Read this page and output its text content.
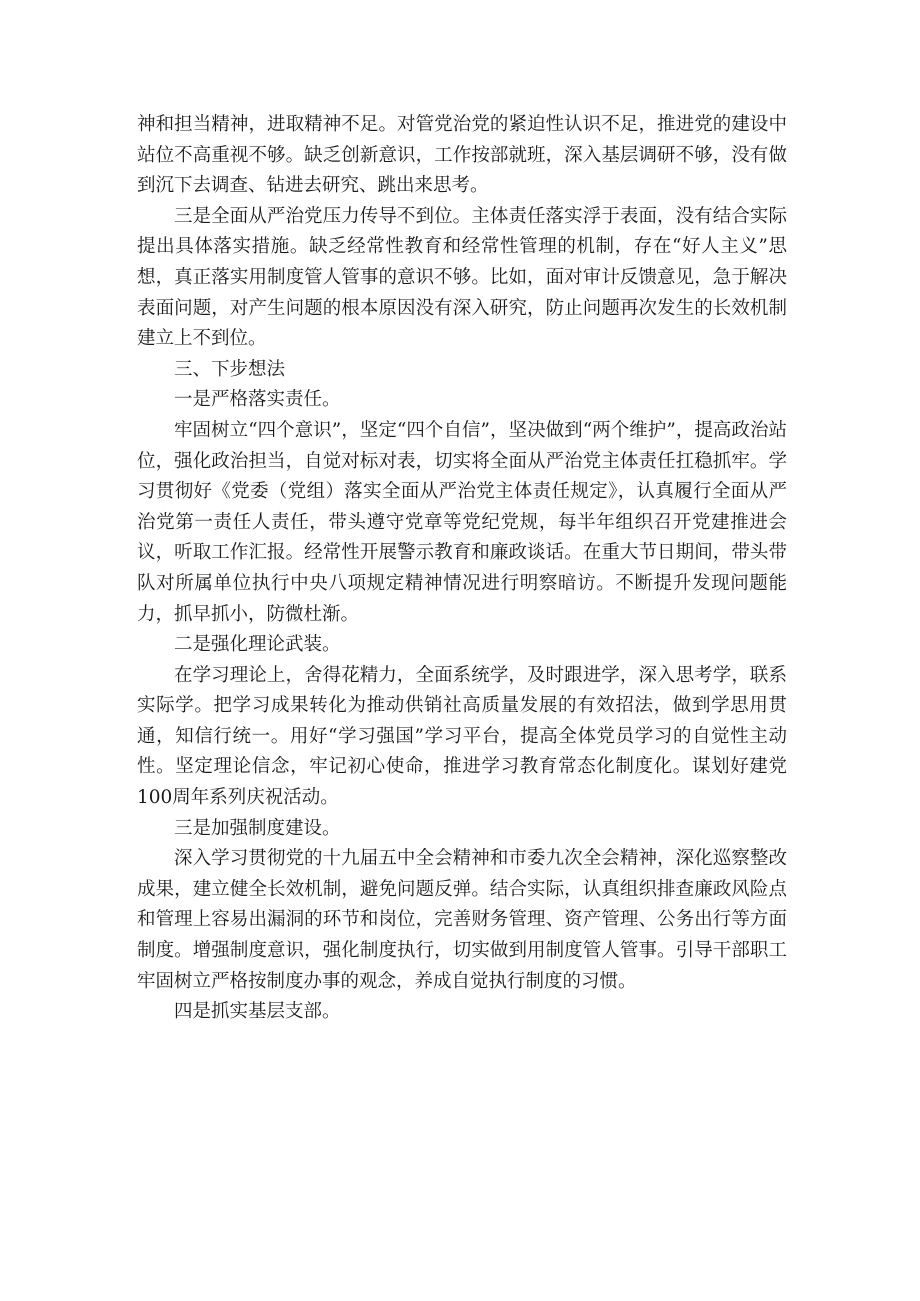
神和担当精神，进取精神不足。对管党治党的紧迫性认识不足，推进党的建设中站位不高重视不够。缺乏创新意识，工作按部就班，深入基层调研不够，没有做到沉下去调查、钻进去研究、跳出来思考。

三是全面从严治党压力传导不到位。主体责任落实浮于表面，没有结合实际提出具体落实措施。缺乏经常性教育和经常性管理的机制，存在“好人主义”思想，真正落实用制度管人管事的意识不够。比如，面对审计反馈意见，急于解决表面问题，对产生问题的根本原因没有深入研究，防止问题再次发生的长效机制建立上不到位。

三、下步想法

一是严格落实责任。

牢固树立“四个意识”，坚定“四个自信”，坚决做到“两个维护”，提高政治站位，强化政治担当，自觉对标对表，切实将全面从严治党主体责任扛稳抓牢。学习贯彻好《党委（党组）落实全面从严治党主体责任规定》，认真履行全面从严治党第一责任人责任，带头遵守党章等党纪党规，每半年组织召开党建推进会议，听取工作汇报。经常性开展警示教育和廉政谈话。在重大节日期间，带头带队对所属单位执行中央八项规定精神情况进行明察暗访。不断提升发现问题能力，抓早抓小，防微杜渐。

二是强化理论武装。

在学习理论上，舍得花精力，全面系统学，及时跟进学，深入思考学，联系实际学。把学习成果转化为推动供销社高质量发展的有效招法，做到学思用贯通，知信行统一。用好“学习强国”学习平台，提高全体党员学习的自觉性主动性。坚定理论信念，牢记初心使命，推进学习教育常态化制度化。谋划好建党100周年系列庆祝活动。

三是加强制度建设。

深入学习贯彻党的十九届五中全会精神和市委九次全会精神，深化巡察整改成果，建立健全长效机制，避免问题反弹。结合实际，认真组织排查廉政风险点和管理上容易出漏洞的环节和岗位，完善财务管理、资产管理、公务出行等方面制度。增强制度意识，强化制度执行，切实做到用制度管人管事。引导干部职工牢固树立严格按制度办事的观念，养成自觉执行制度的习惯。

四是抓实基层支部。
